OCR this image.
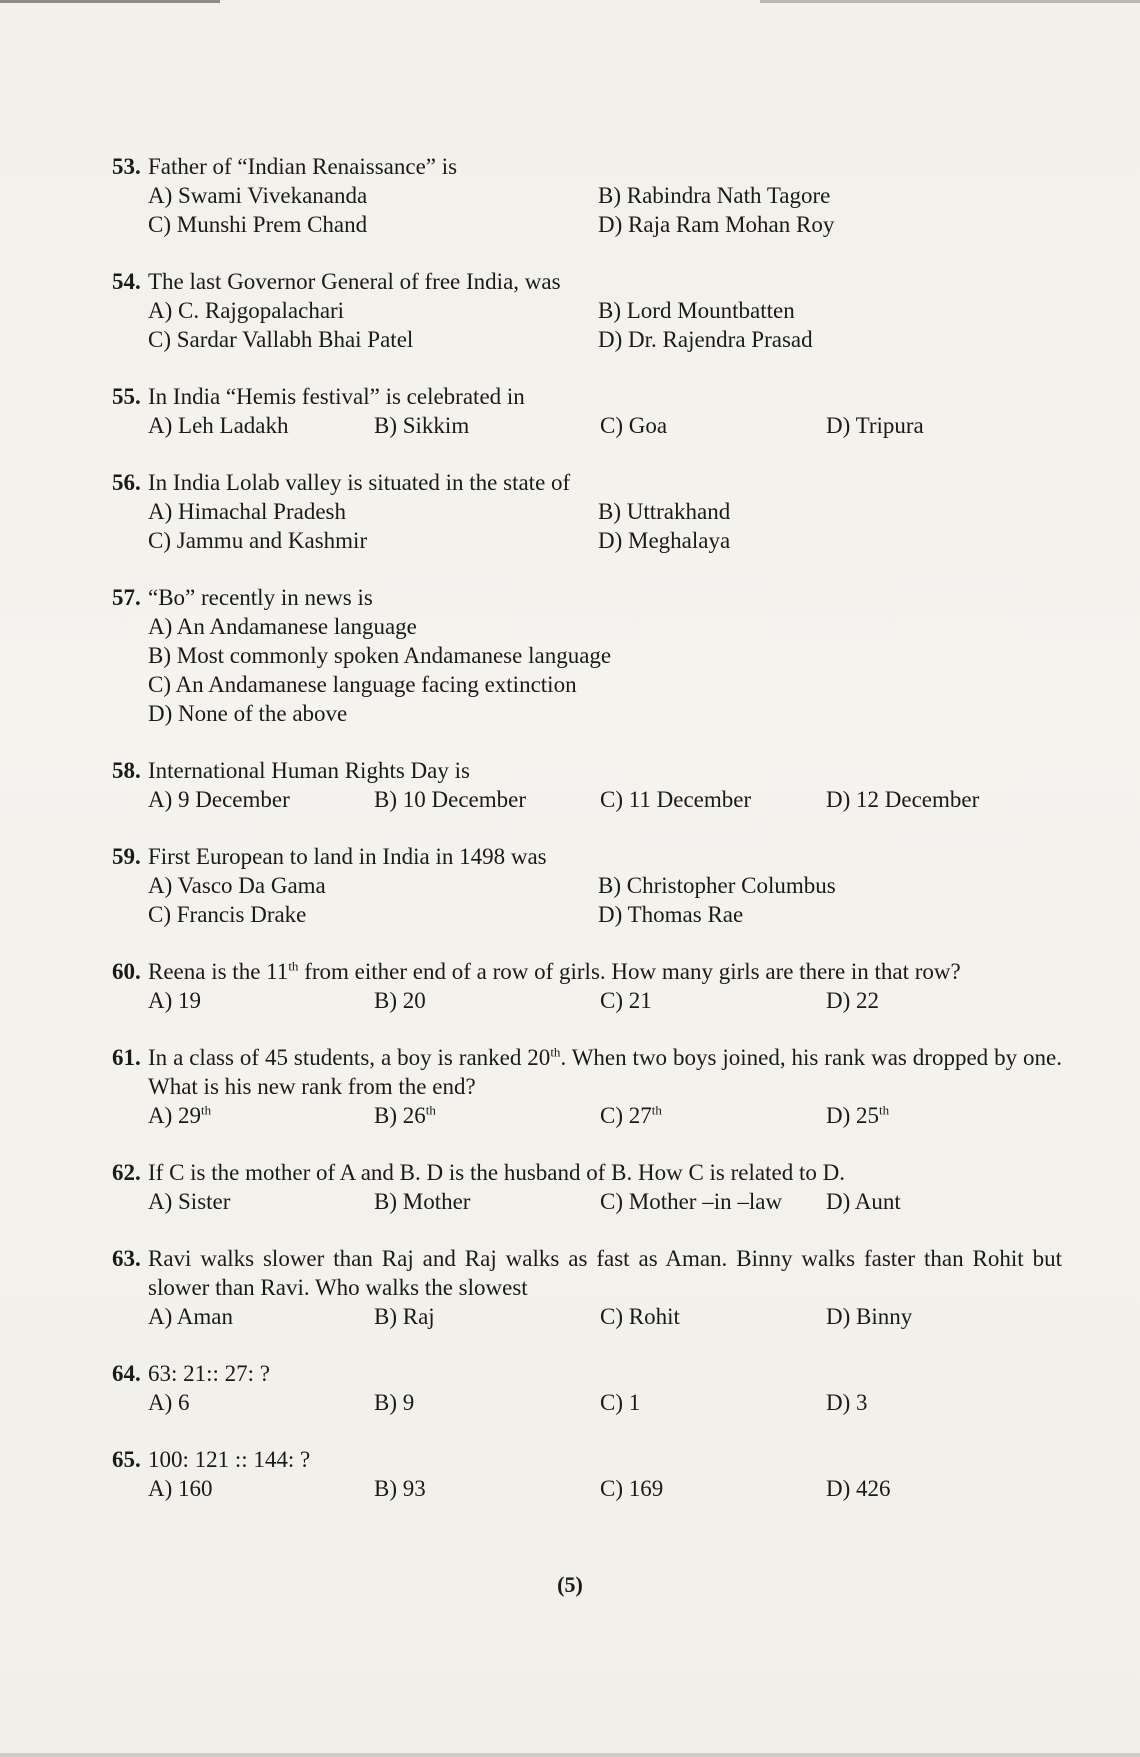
53. Father of “Indian Renaissance” is
A) Swami Vivekananda	B) Rabindra Nath Tagore
C) Munshi Prem Chand	D) Raja Ram Mohan Roy
54. The last Governor General of free India, was
A) C. Rajgopalachari	B) Lord Mountbatten
C) Sardar Vallabh Bhai Patel	D) Dr. Rajendra Prasad
55. In India “Hemis festival” is celebrated in
A) Leh Ladakh	B) Sikkim	C) Goa	D) Tripura
56. In India Lolab valley is situated in the state of
A) Himachal Pradesh	B) Uttrakhand
C) Jammu and Kashmir	D) Meghalaya
57. “Bo” recently in news is
A) An Andamanese language
B) Most commonly spoken Andamanese language
C) An Andamanese language facing extinction
D) None of the above
58. International Human Rights Day is
A) 9 December	B) 10 December	C) 11 December	D) 12 December
59. First European to land in India in 1498 was
A) Vasco Da Gama	B) Christopher Columbus
C) Francis Drake	D) Thomas Rae
60. Reena is the 11th from either end of a row of girls. How many girls are there in that row?
A) 19	B) 20	C) 21	D) 22
61. In a class of 45 students, a boy is ranked 20th. When two boys joined, his rank was dropped by one. What is his new rank from the end?
A) 29th	B) 26th	C) 27th	D) 25th
62. If C is the mother of A and B. D is the husband of B. How C is related to D.
A) Sister	B) Mother	C) Mother –in –law	D) Aunt
63. Ravi walks slower than Raj and Raj walks as fast as Aman. Binny walks faster than Rohit but slower than Ravi. Who walks the slowest
A) Aman	B) Raj	C) Rohit	D) Binny
64. 63: 21:: 27: ?
A) 6	B) 9	C) 1	D) 3
65. 100: 121 :: 144: ?
A) 160	B) 93	C) 169	D) 426
(5)
